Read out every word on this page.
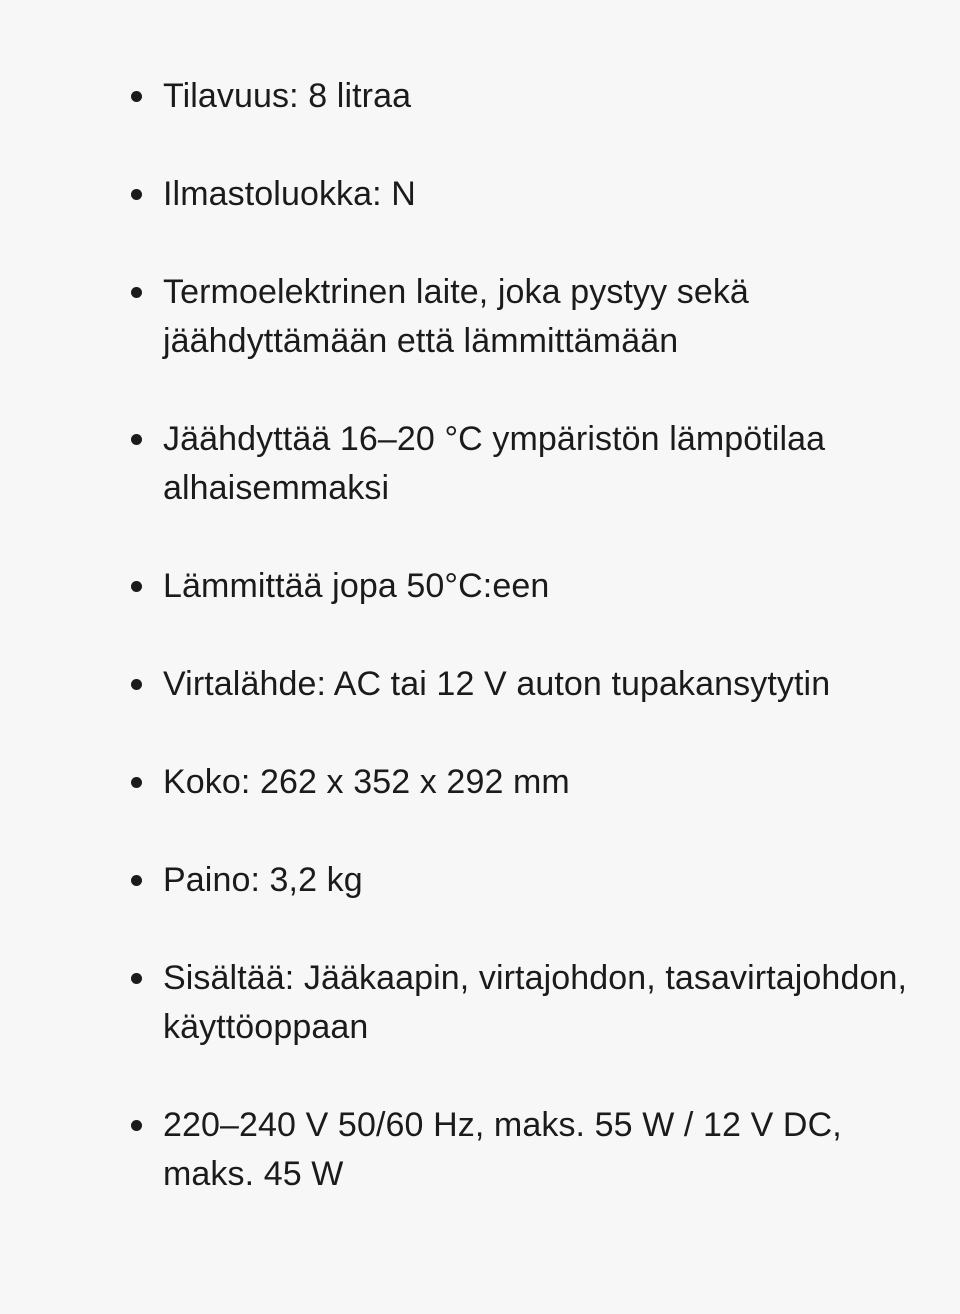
Tilavuus: 8 litraa
Ilmastoluokka: N
Termoelektrinen laite, joka pystyy sekä jäähdyttämään että lämmittämään
Jäähdyttää 16–20 °C ympäristön lämpötilaa alhaisemmaksi
Lämmittää jopa 50°C:een
Virtalähde: AC tai 12 V auton tupakansytytin
Koko: 262 x 352 x 292 mm
Paino: 3,2 kg
Sisältää: Jääkaapin, virtajohdon, tasavirtajohdon, käyttöoppaan
220–240 V 50/60 Hz, maks. 55 W / 12 V DC, maks. 45 W
